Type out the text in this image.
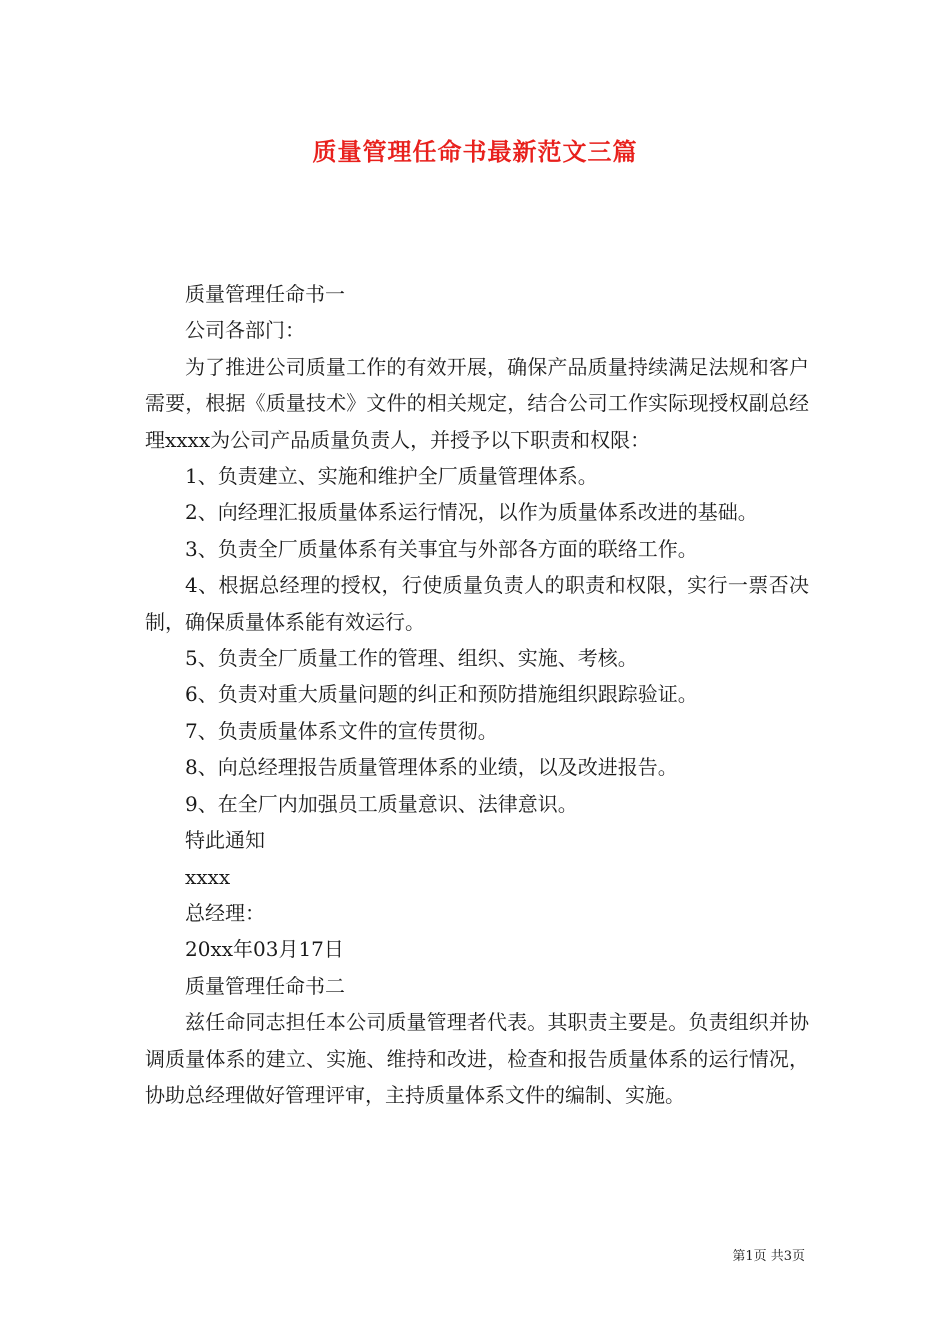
质量管理任命书最新范文三篇

质量管理任命书一

公司各部门：

为了推进公司质量工作的有效开展，确保产品质量持续满足法规和客户需要，根据《质量技术》文件的相关规定，结合公司工作实际现授权副总经理xxxx为公司产品质量负责人，并授予以下职责和权限：

1、负责建立、实施和维护全厂质量管理体系。

2、向经理汇报质量体系运行情况，以作为质量体系改进的基础。

3、负责全厂质量体系有关事宜与外部各方面的联络工作。

4、根据总经理的授权，行使质量负责人的职责和权限，实行一票否决制，确保质量体系能有效运行。

5、负责全厂质量工作的管理、组织、实施、考核。

6、负责对重大质量问题的纠正和预防措施组织跟踪验证。

7、负责质量体系文件的宣传贯彻。

8、向总经理报告质量管理体系的业绩，以及改进报告。

9、在全厂内加强员工质量意识、法律意识。

特此通知

xxxx

总经理：

20xx年03月17日

质量管理任命书二

兹任命同志担任本公司质量管理者代表。其职责主要是。负责组织并协调质量体系的建立、实施、维持和改进，检查和报告质量体系的运行情况，协助总经理做好管理评审，主持质量体系文件的编制、实施。

第1页 共3页
